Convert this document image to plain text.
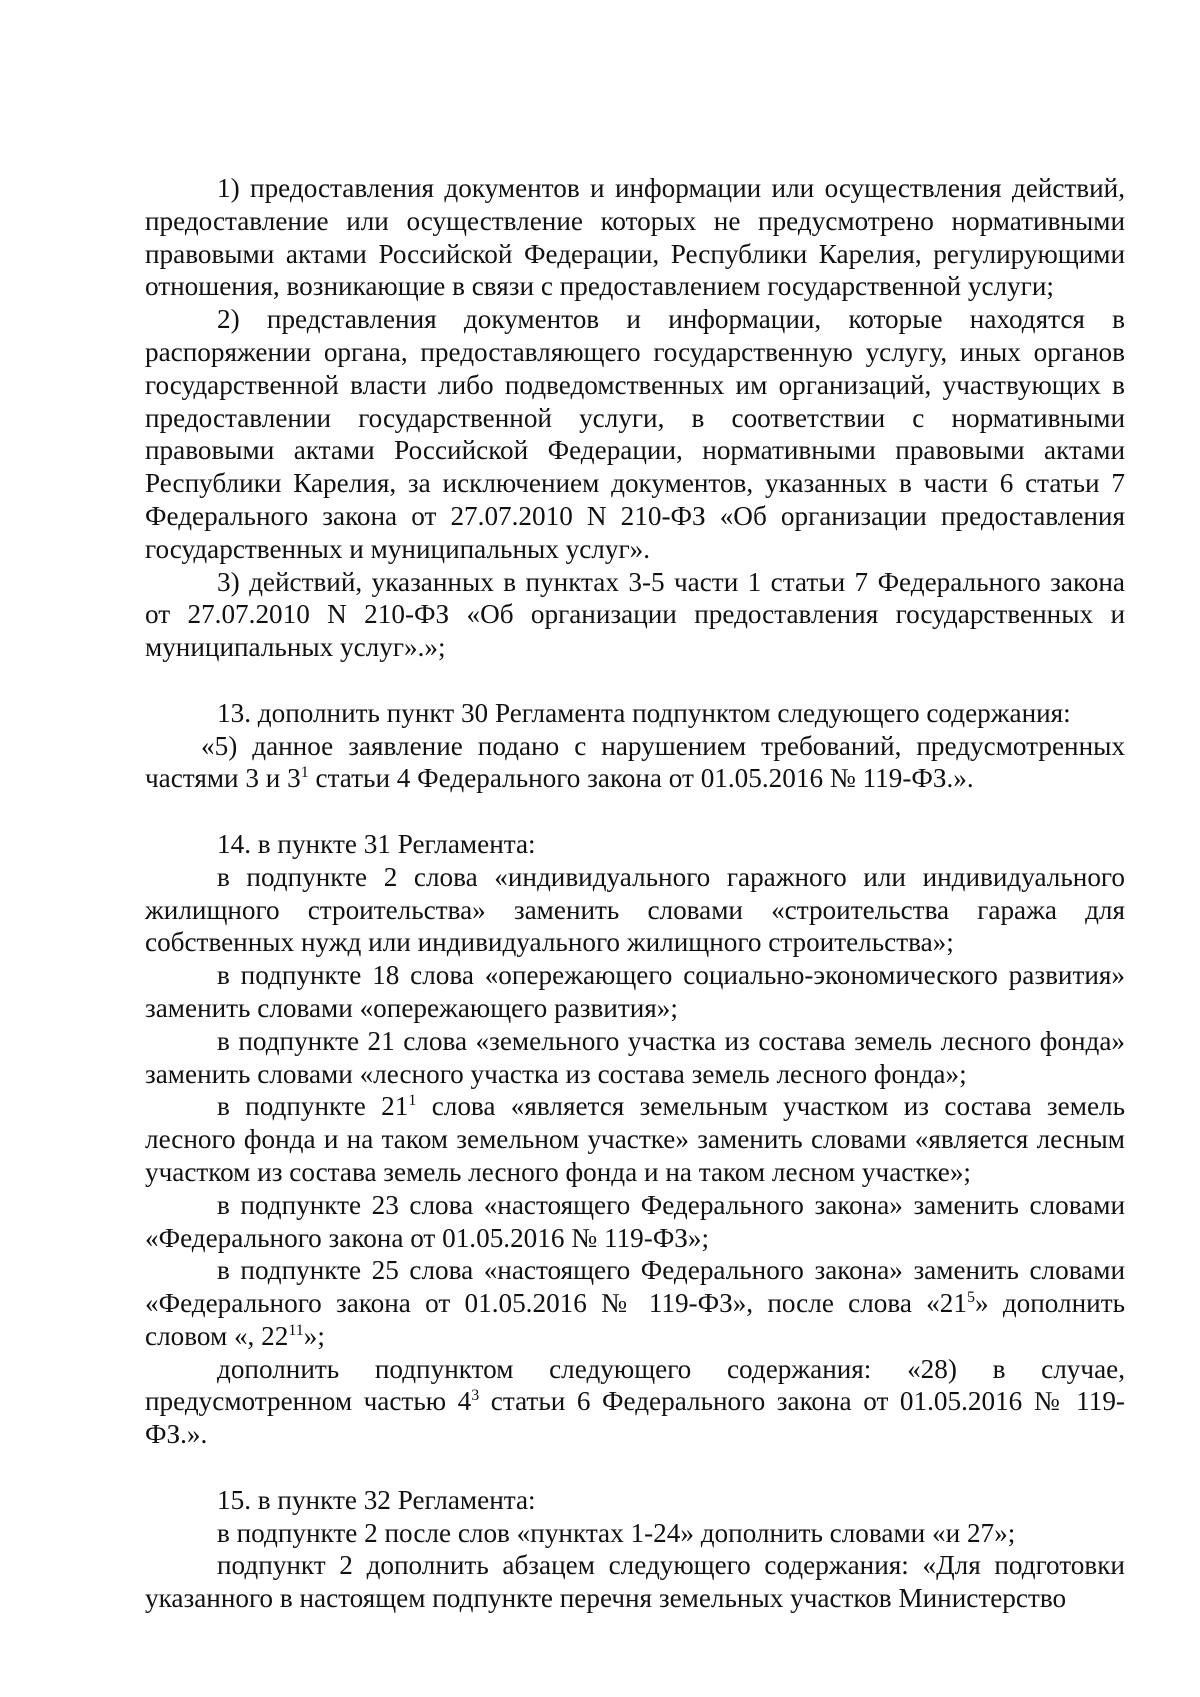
1) предоставления документов и информации или осуществления действий, предоставление или осуществление которых не предусмотрено нормативными правовыми актами Российской Федерации, Республики Карелия, регулирующими отношения, возникающие в связи с предоставлением государственной услуги;

2) представления документов и информации, которые находятся в распоряжении органа, предоставляющего государственную услугу, иных органов государственной власти либо подведомственных им организаций, участвующих в предоставлении государственной услуги, в соответствии с нормативными правовыми актами Российской Федерации, нормативными правовыми актами Республики Карелия, за исключением документов, указанных в части 6 статьи 7 Федерального закона от 27.07.2010 N 210-ФЗ «Об организации предоставления государственных и муниципальных услуг».

3) действий, указанных в пунктах 3-5 части 1 статьи 7 Федерального закона от 27.07.2010 N 210-ФЗ «Об организации предоставления государственных и муниципальных услуг».»;

13. дополнить пункт 30 Регламента подпунктом следующего содержания:

«5) данное заявление подано с нарушением требований, предусмотренных частями 3 и $3^1$ статьи 4 Федерального закона от 01.05.2016 № 119-ФЗ.».

14. в пункте 31 Регламента:

в подпункте 2 слова «индивидуального гаражного или индивидуального жилищного строительства» заменить словами «строительства гаража для собственных нужд или индивидуального жилищного строительства»;

в подпункте 18 слова «опережающего социально-экономического развития» заменить словами «опережающего развития»;

в подпункте 21 слова «земельного участка из состава земель лесного фонда» заменить словами «лесного участка из состава земель лесного фонда»;

в подпункте $21^1$ слова «является земельным участком из состава земель лесного фонда и на таком земельном участке» заменить словами «является лесным участком из состава земель лесного фонда и на таком лесном участке»;

в подпункте 23 слова «настоящего Федерального закона» заменить словами «Федерального закона от 01.05.2016 № 119-ФЗ»;

в подпункте 25 слова «настоящего Федерального закона» заменить словами «Федерального закона от 01.05.2016 № 119-ФЗ», после слова «$21^5$» дополнить словом «, $22^{11}$»;

дополнить подпунктом следующего содержания: «28) в случае, предусмотренном частью $4^3$ статьи 6 Федерального закона от 01.05.2016 № 119-ФЗ.».

15. в пункте 32 Регламента:

в подпункте 2 после слов «пунктах 1-24» дополнить словами «и 27»;

подпункт 2 дополнить абзацем следующего содержания: «Для подготовки указанного в настоящем подпункте перечня земельных участков Министерство
